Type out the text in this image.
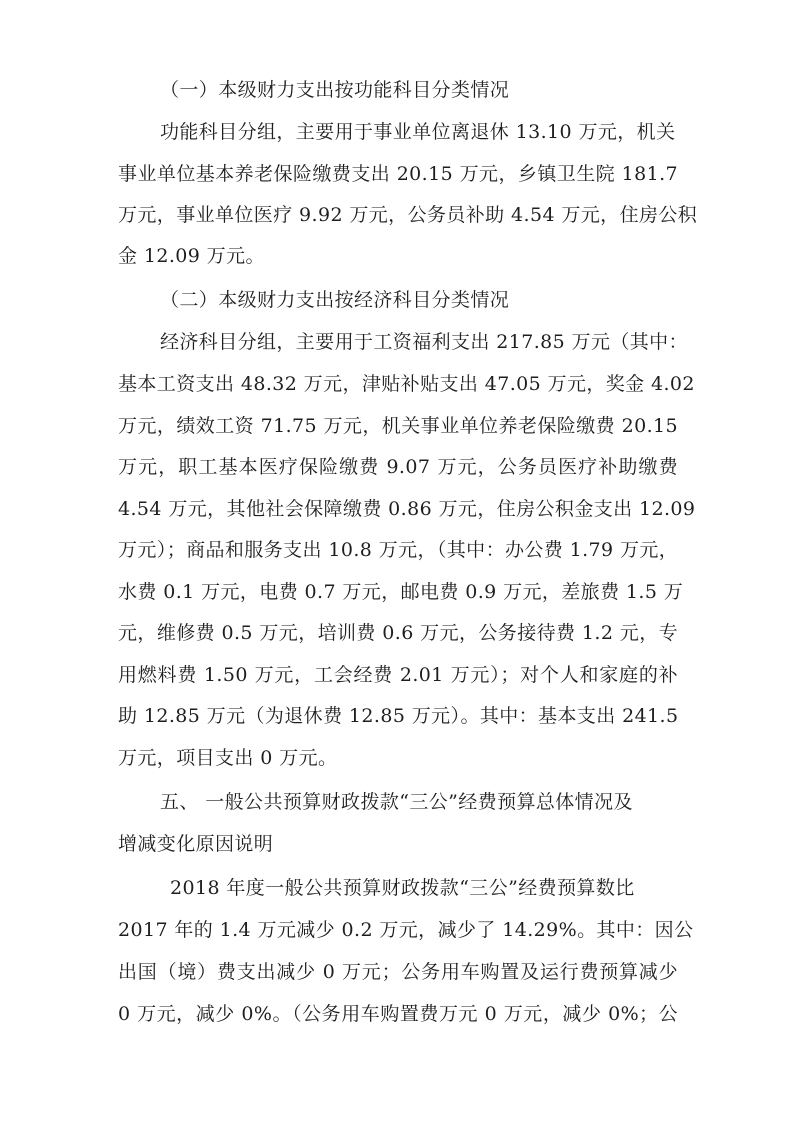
（一）本级财力支出按功能科目分类情况
功能科目分组，主要用于事业单位离退休 13.10 万元，机关
事业单位基本养老保险缴费支出 20.15 万元，乡镇卫生院 181.7
万元，事业单位医疗 9.92 万元，公务员补助 4.54 万元，住房公积
金 12.09 万元。
（二）本级财力支出按经济科目分类情况
经济科目分组，主要用于工资福利支出 217.85 万元（其中：
基本工资支出 48.32 万元，津贴补贴支出 47.05 万元，奖金 4.02
万元，绩效工资 71.75 万元，机关事业单位养老保险缴费 20.15
万元，职工基本医疗保险缴费 9.07 万元，公务员医疗补助缴费
4.54 万元，其他社会保障缴费 0.86 万元，住房公积金支出 12.09
万元）；商品和服务支出 10.8 万元，（其中：办公费 1.79 万元，
水费 0.1 万元，电费 0.7 万元，邮电费 0.9 万元，差旅费 1.5 万
元，维修费 0.5 万元，培训费 0.6 万元，公务接待费 1.2 元，专
用燃料费 1.50 万元，工会经费 2.01 万元）；对个人和家庭的补
助 12.85 万元（为退休费 12.85 万元）。其中：基本支出 241.5
万元，项目支出 0 万元。
五、 一般公共预算财政拨款“三公”经费预算总体情况及
增减变化原因说明
2018 年度一般公共预算财政拨款“三公”经费预算数比
2017 年的 1.4 万元减少 0.2 万元，减少了 14.29%。其中：因公
出国（境）费支出减少 0 万元；公务用车购置及运行费预算减少
0 万元，减少 0%。（公务用车购置费万元 0 万元，减少 0%；公
